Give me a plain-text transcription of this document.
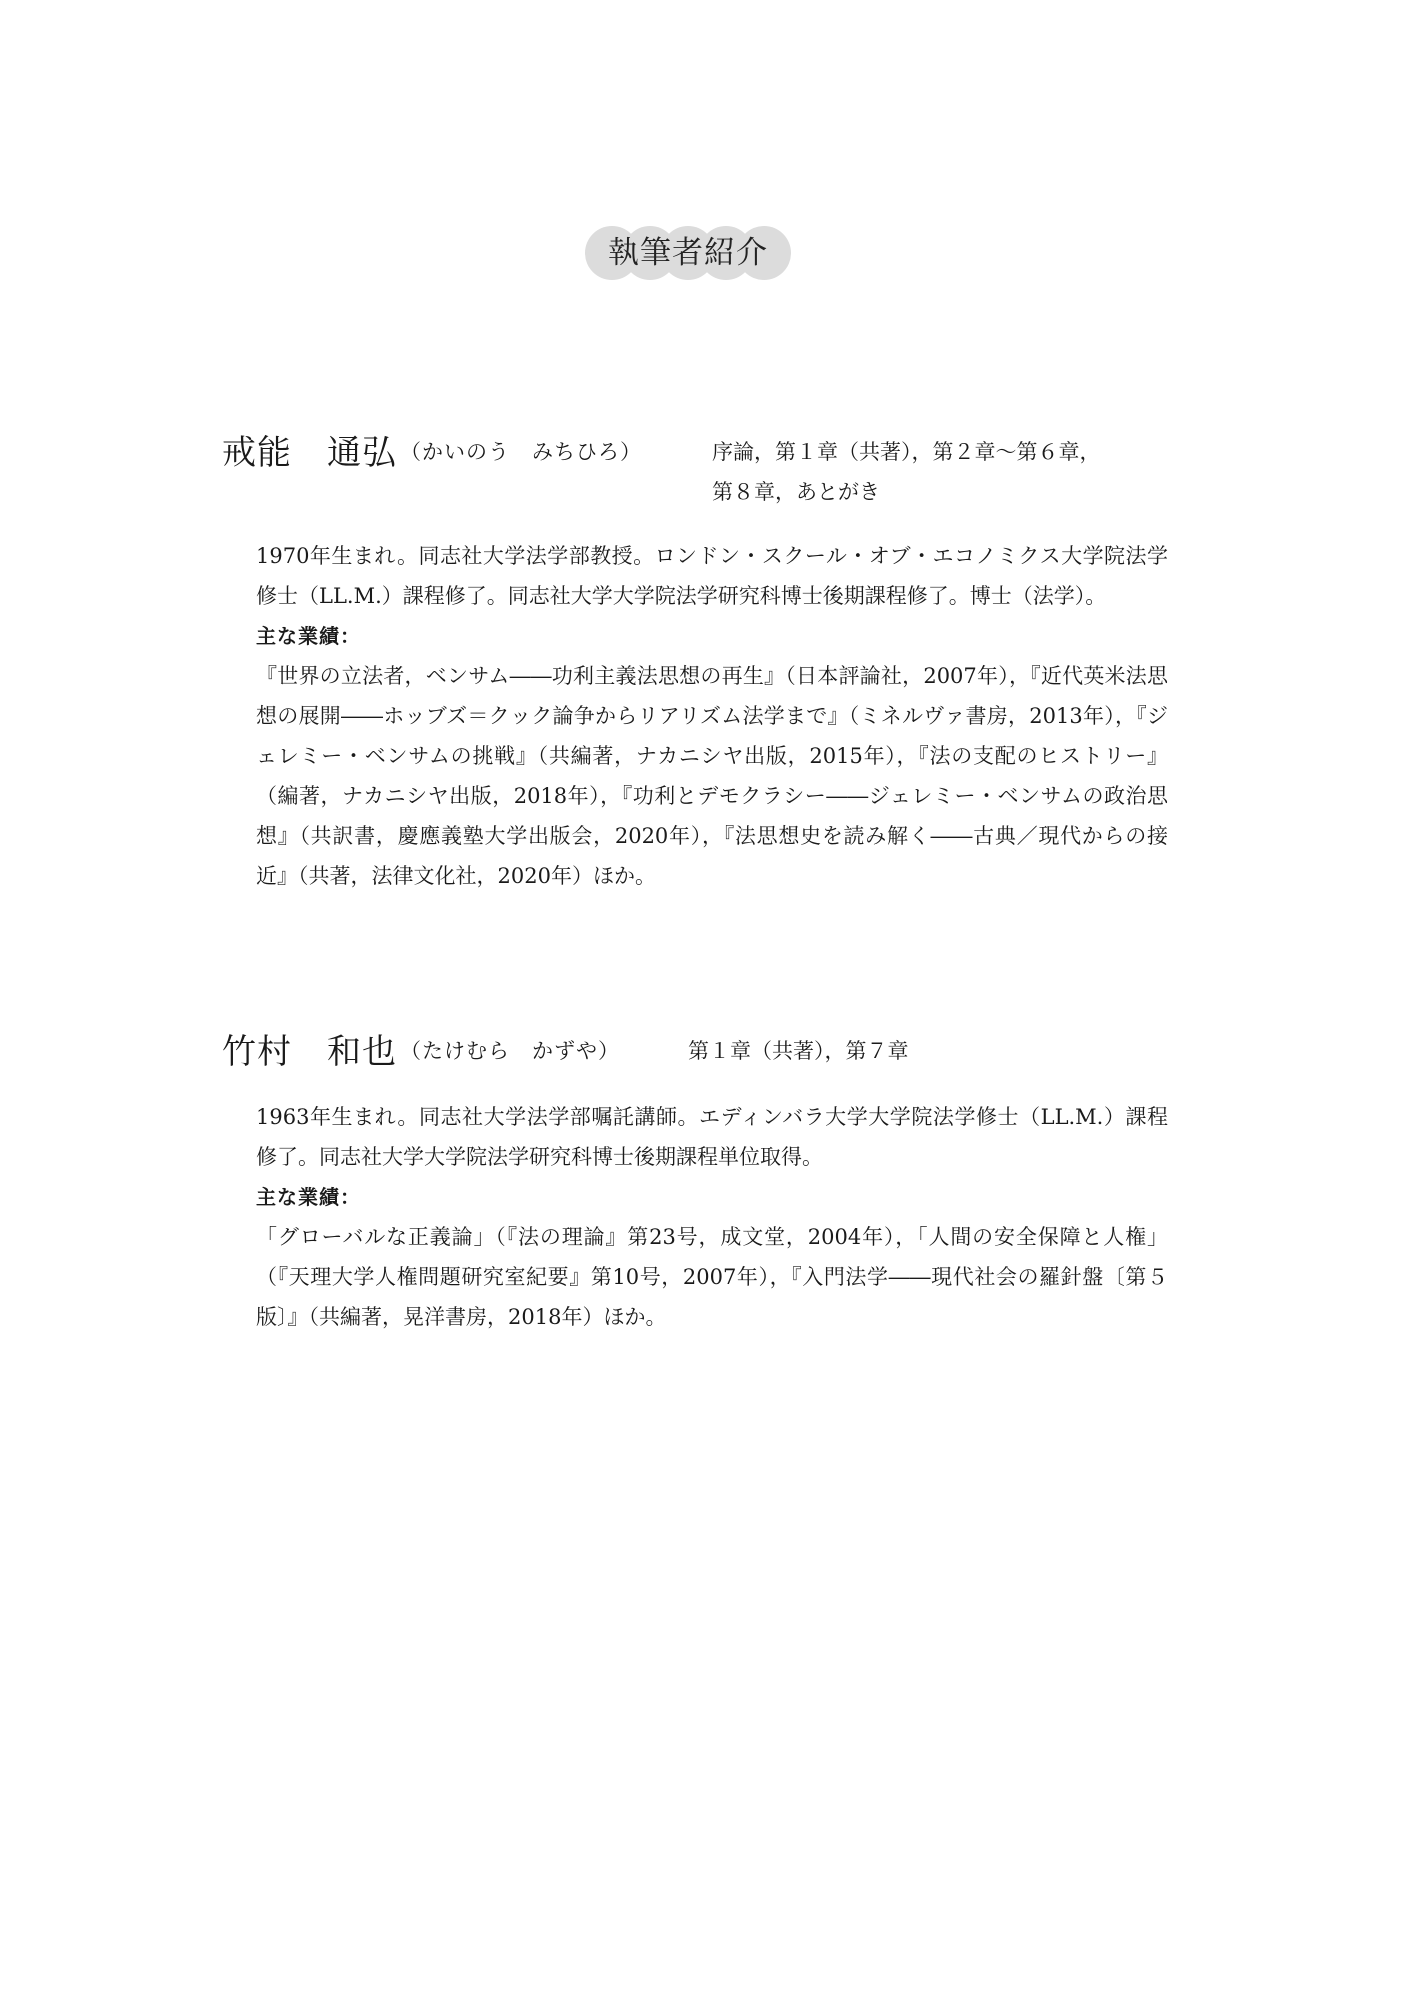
執筆者紹介
戒能　通弘 （かいのう　みちひろ）	序論，第１章（共著），第２章〜第６章，
第８章，あとがき

1970年生まれ。同志社大学法学部教授。ロンドン・スクール・オブ・エコノミクス大学院法学修士（LL.M.）課程修了。同志社大学大学院法学研究科博士後期課程修了。博士（法学）。

主な業績：

『世界の立法者，ベンサム――功利主義法思想の再生』（日本評論社，2007年），『近代英米法思想の展開――ホッブズ＝クック論争からリアリズム法学まで』（ミネルヴァ書房，2013年），『ジェレミー・ベンサムの挑戦』（共編著，ナカニシヤ出版，2015年），『法の支配のヒストリー』（編著，ナカニシヤ出版，2018年），『功利とデモクラシー――ジェレミー・ベンサムの政治思想』（共訳書，慶應義塾大学出版会，2020年），『法思想史を読み解く――古典／現代からの接近』（共著，法律文化社，2020年）ほか。

竹村　和也 （たけむら　かずや）	第１章（共著），第７章

1963年生まれ。同志社大学法学部嘱託講師。エディンバラ大学大学院法学修士（LL.M.）課程修了。同志社大学大学院法学研究科博士後期課程単位取得。

主な業績：

「グローバルな正義論」（『法の理論』第23号，成文堂，2004年），「人間の安全保障と人権」（『天理大学人権問題研究室紀要』第10号，2007年），『入門法学――現代社会の羅針盤〔第５版〕』（共編著，晃洋書房，2018年）ほか。
